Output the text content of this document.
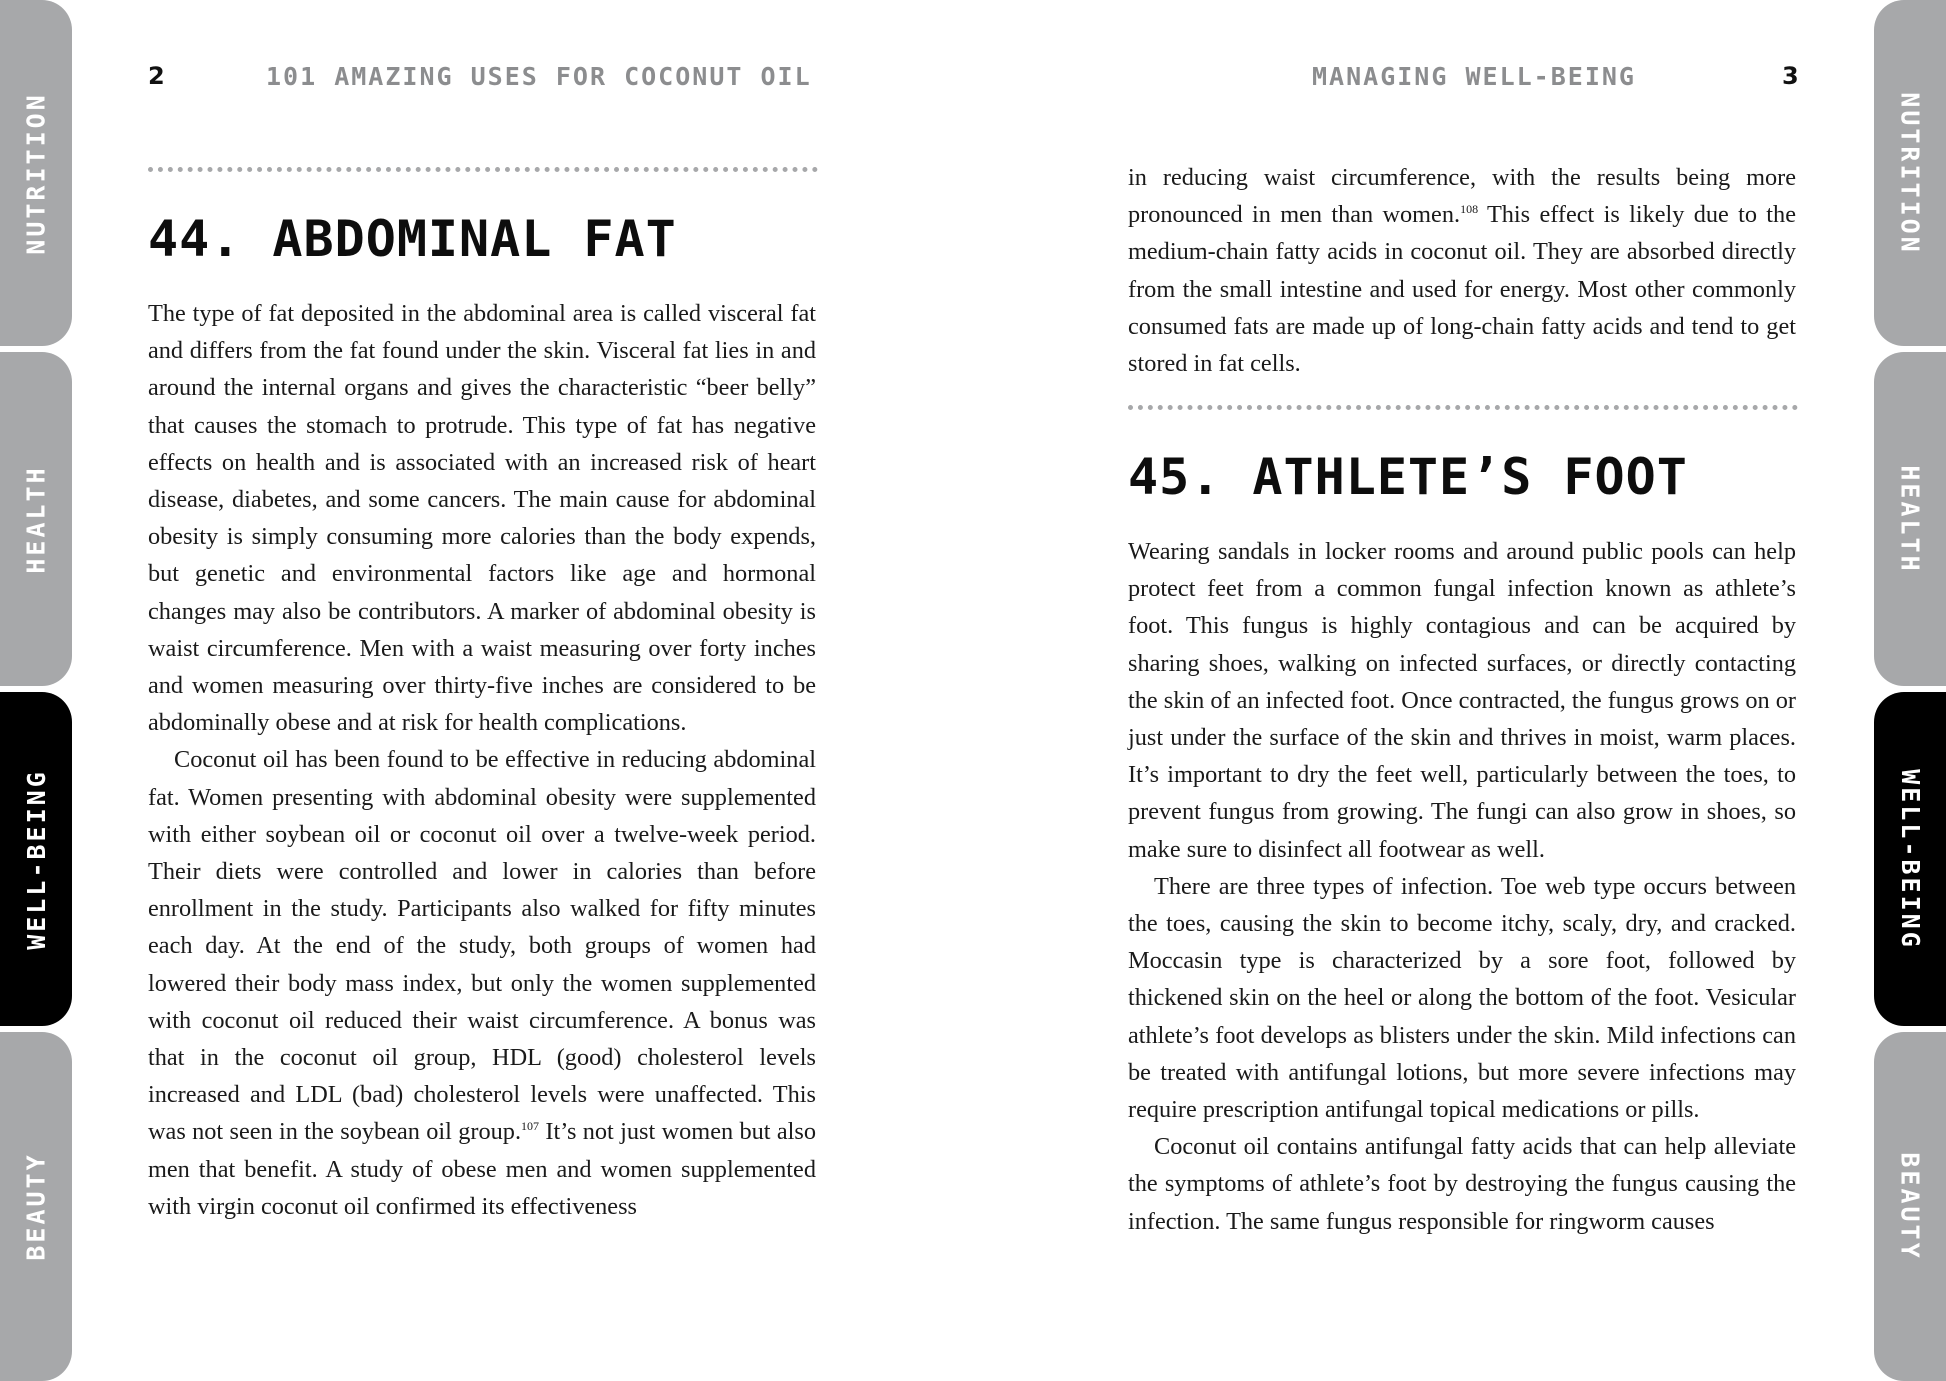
NUTRITION
HEALTH
WELL-BEING
BEAUTY
NUTRITION
HEALTH
WELL-BEING
BEAUTY
2	101 AMAZING USES FOR COCONUT OIL
44. ABDOMINAL FAT

The type of fat deposited in the abdominal area is called visceral fat and differs from the fat found under the skin. Visceral fat lies in and around the internal organs and gives the characteristic “beer belly” that causes the stomach to protrude. This type of fat has negative effects on health and is associated with an increased risk of heart disease, diabetes, and some cancers. The main cause for abdominal obesity is simply consuming more calories than the body expends, but genetic and environmental factors like age and hormonal changes may also be contributors. A marker of abdominal obesity is waist circumference. Men with a waist measuring over forty inches and women measuring over thirty-five inches are considered to be abdominally obese and at risk for health complications.

Coconut oil has been found to be effective in reducing abdominal fat. Women presenting with abdominal obesity were supplemented with either soybean oil or coconut oil over a twelve-week period. Their diets were controlled and lower in calories than before enrollment in the study. Participants also walked for fifty minutes each day. At the end of the study, both groups of women had lowered their body mass index, but only the women supplemented with coconut oil reduced their waist circumference. A bonus was that in the coconut oil group, HDL (good) cholesterol levels increased and LDL (bad) cholesterol levels were unaffected. This was not seen in the soybean oil group.$^{107}$ It’s not just women but also men that benefit. A study of obese men and women supplemented with virgin coconut oil confirmed its effectiveness

MANAGING WELL-BEING	3

in reducing waist circumference, with the results being more pronounced in men than women.$^{108}$ This effect is likely due to the medium-chain fatty acids in coconut oil. They are absorbed directly from the small intestine and used for energy. Most other commonly consumed fats are made up of long-chain fatty acids and tend to get stored in fat cells.

45. ATHLETE’S FOOT

Wearing sandals in locker rooms and around public pools can help protect feet from a common fungal infection known as athlete’s foot. This fungus is highly contagious and can be acquired by sharing shoes, walking on infected surfaces, or directly contacting the skin of an infected foot. Once contracted, the fungus grows on or just under the surface of the skin and thrives in moist, warm places. It’s important to dry the feet well, particularly between the toes, to prevent fungus from growing. The fungi can also grow in shoes, so make sure to disinfect all footwear as well.

There are three types of infection. Toe web type occurs between the toes, causing the skin to become itchy, scaly, dry, and cracked. Moccasin type is characterized by a sore foot, followed by thickened skin on the heel or along the bottom of the foot. Vesicular athlete’s foot develops as blisters under the skin. Mild infections can be treated with antifungal lotions, but more severe infections may require prescription antifungal topical medications or pills.

Coconut oil contains antifungal fatty acids that can help alleviate the symptoms of athlete’s foot by destroying the fungus causing the infection. The same fungus responsible for ringworm causes
